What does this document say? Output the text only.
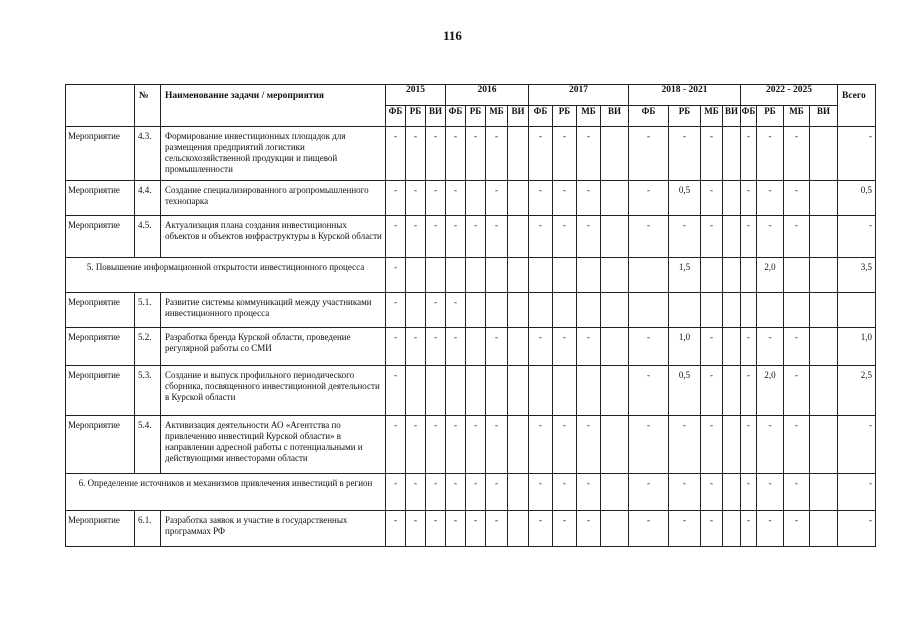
116
	№	Наименование задачи / мероприятия	2015			2016				2017				2018 - 2021				2022 - 2025				Всего
			ФБ	РБ	ВИ	ФБ	РБ	МБ	ВИ	ФБ	РБ	МБ	ВИ	ФБ	РБ	МБ	ВИ	ФБ	РБ	МБ	ВИ	
Мероприятие	4.3.	Формирование инвестиционных площадок для размещения предприятий логистики сельскохозяйственной продукции и пищевой промышленности	-	-	-	-	-	-		-	-	-		-	-	-		-	-	-		-
Мероприятие	4.4.	Создание специализированного агропромышленного технопарка	-	-	-	-		-		-	-	-		-	0,5	-		-	-	-		0,5
Мероприятие	4.5.	Актуализация плана создания инвестиционных объектов и объектов инфраструктуры в Курской области	-	-	-	-	-	-		-	-	-		-	-	-		-	-	-		-
5. Повышение информационной открытости инвестиционного процесса			-												1,5				2,0			3,5
Мероприятие	5.1.	Развитие системы коммуникаций между участниками инвестиционного процесса	-		-	-																
Мероприятие	5.2.	Разработка бренда Курской области, проведение регулярной работы со СМИ	-	-	-	-		-		-	-	-		-	1,0	-		-	-	-		1,0
Мероприятие	5.3.	Создание и выпуск профильного периодического сборника, посвященного инвестиционной деятельности в Курской области	-											-	0,5	-		-	2,0	-		2,5
Мероприятие	5.4.	Активизация деятельности АО «Агентства по привлечению инвестиций Курской области» в направлении адресной работы с потенциальными и действующими инвесторами области	-	-	-	-	-	-		-	-	-		-	-	-		-	-	-		-
6. Определение источников и механизмов привлечения инвестиций в регион			-	-	-	-	-	-		-	-	-		-	-	-		-	-	-		-
Мероприятие	6.1.	Разработка заявок и участие в государственных программах РФ	-	-	-	-	-	-		-	-	-		-	-	-		-	-	-		-
